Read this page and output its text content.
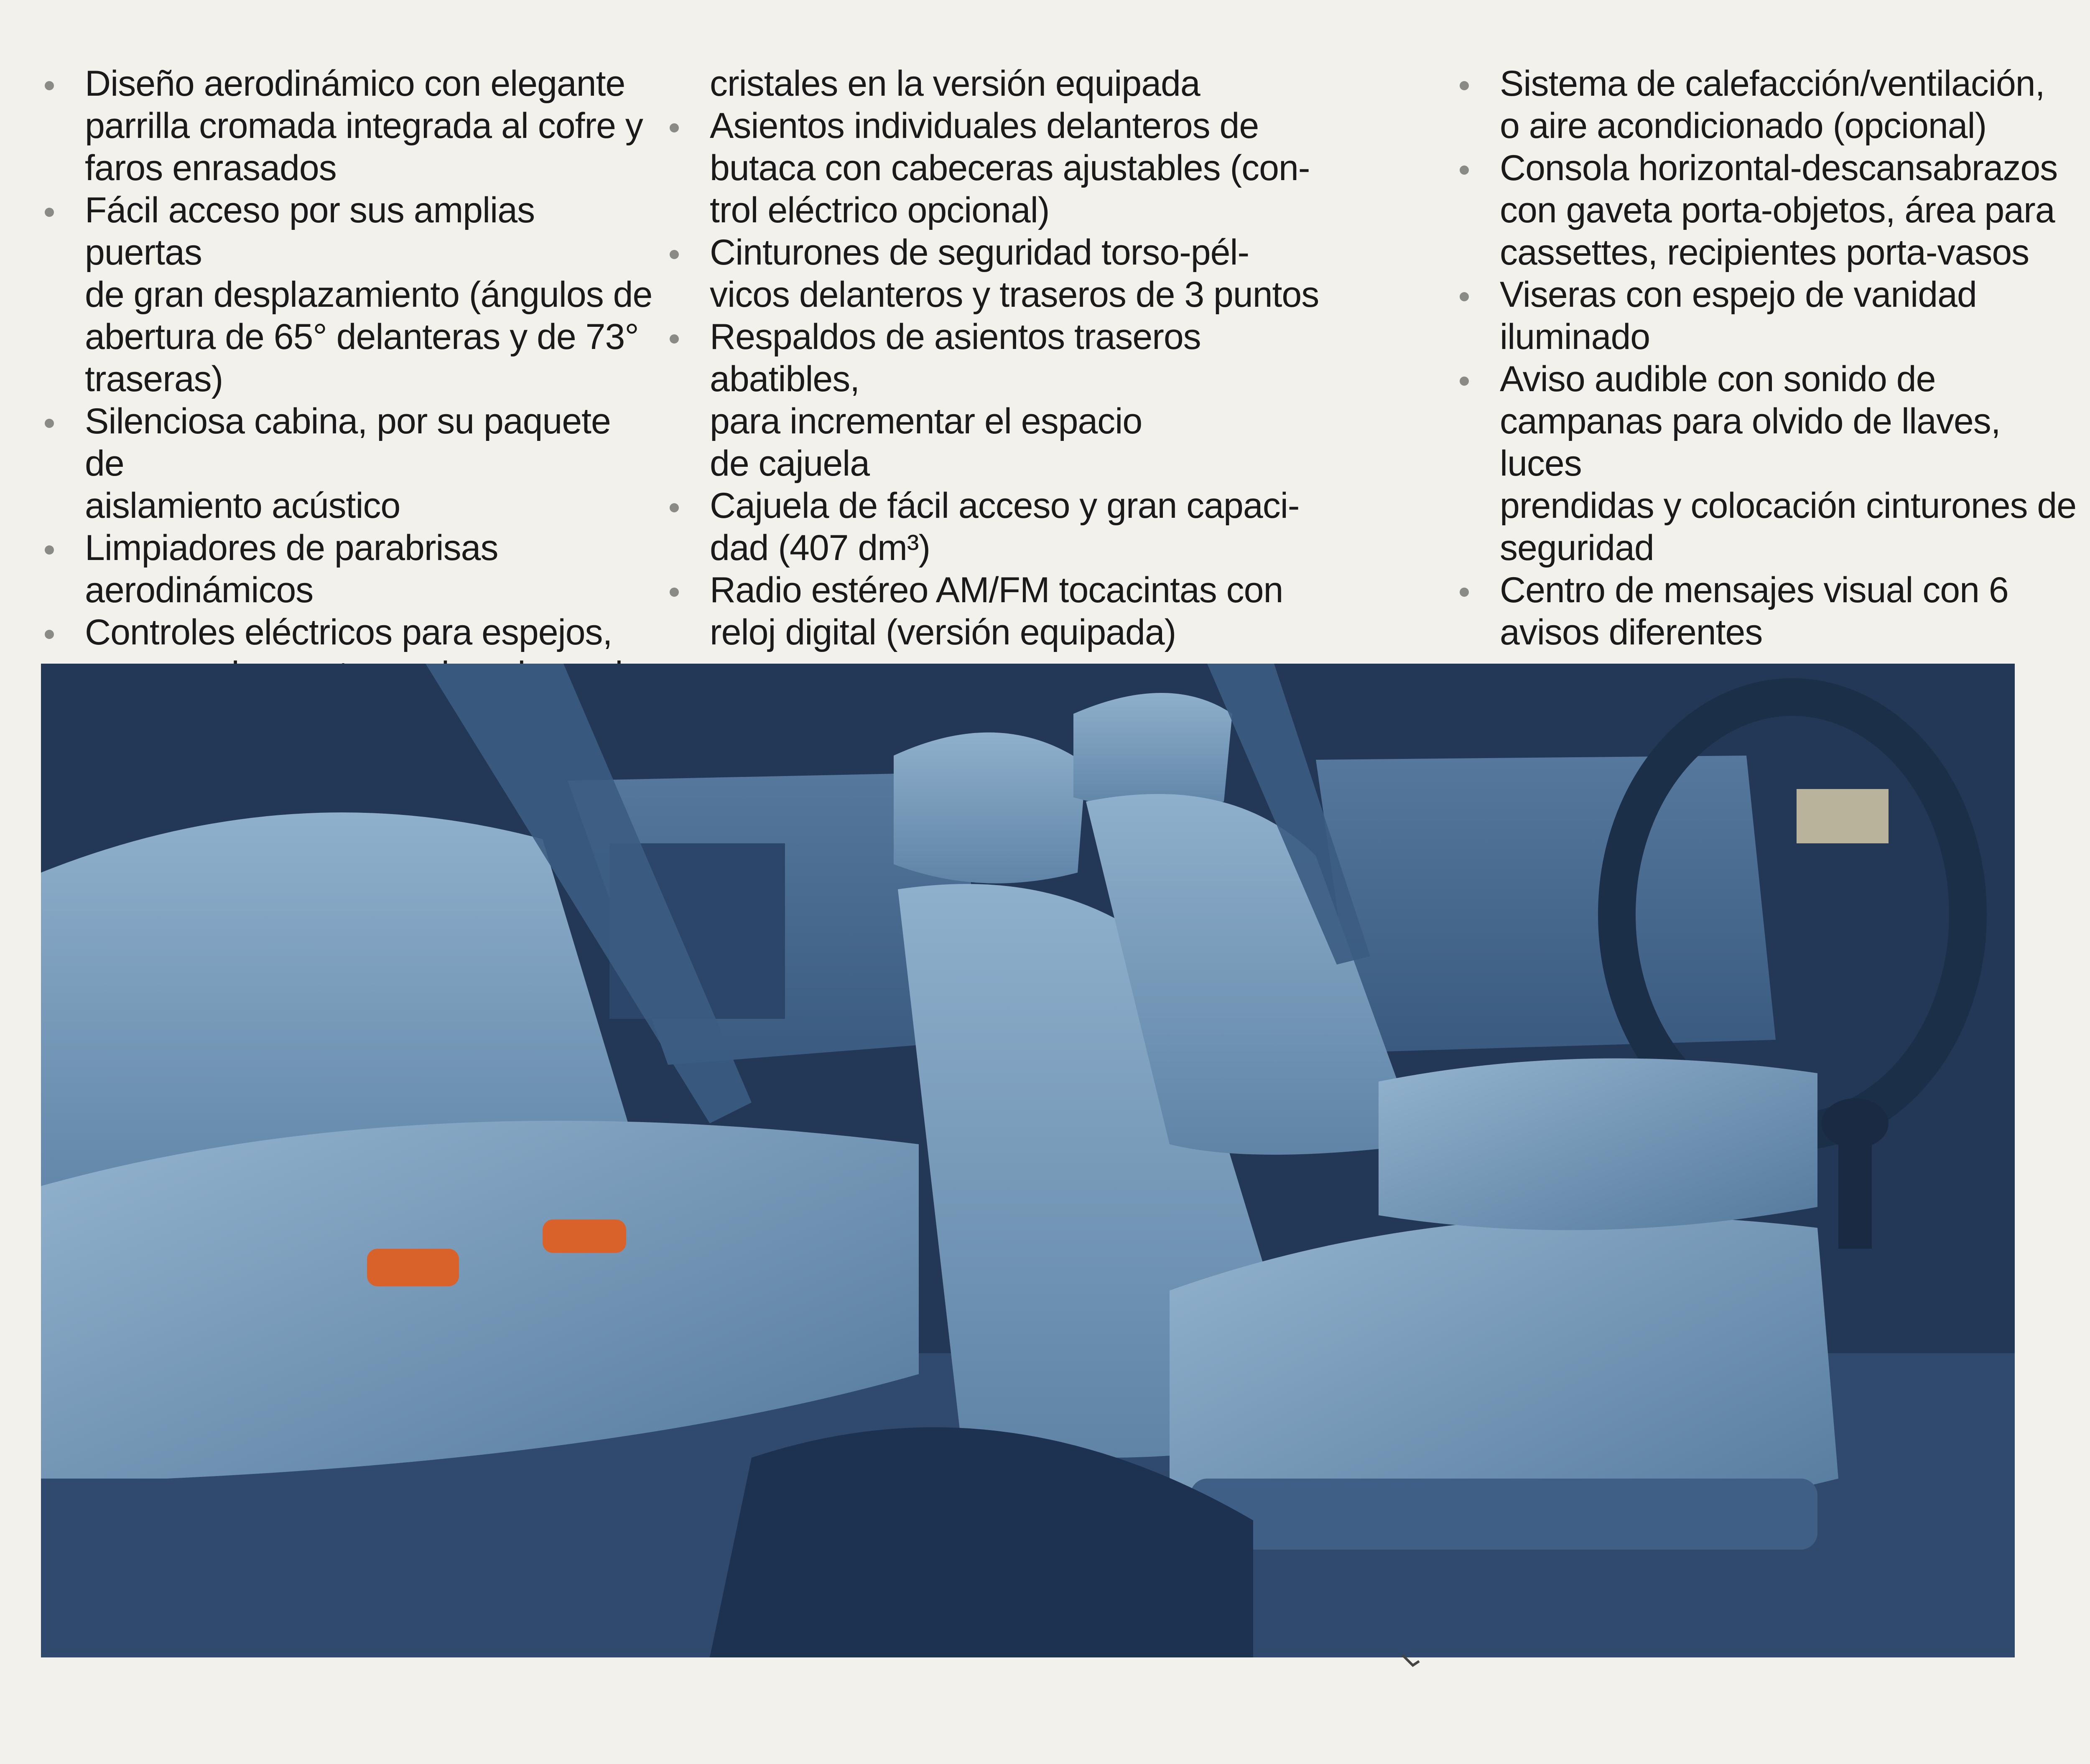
Diseño aerodinámico con elegante
parrilla cromada integrada al cofre y
faros enrasados
Fácil acceso por sus amplias puertas
de gran desplazamiento (ángulos de
abertura de 65° delanteras y de 73°
traseras)
Silenciosa cabina, por su paquete de
aislamiento acústico
Limpiadores de parabrisas
aerodinámicos
Controles eléctricos para espejos,
cristales en la versión equipada
Asientos individuales delanteros de
butaca con cabeceras ajustables (con-
trol eléctrico opcional)
Cinturones de seguridad torso-pél-
vicos delanteros y traseros de 3 puntos
Respaldos de asientos traseros abatibles,
para incrementar el espacio
de cajuela
Cajuela de fácil acceso y gran capaci-
dad (407 dm³)
Radio estéreo AM/FM tocacintas con
reloj digital (versión equipada)
Sistema de calefacción/ventilación,
o aire acondicionado (opcional)
Consola horizontal-descansabrazos
con gaveta porta-objetos, área para
cassettes, recipientes porta-vasos
Viseras con espejo de vanidad
iluminado
Aviso audible con sonido de
campanas para olvido de llaves, luces
prendidas y colocación cinturones de
seguridad
Centro de mensajes visual con 6
avisos diferentes
